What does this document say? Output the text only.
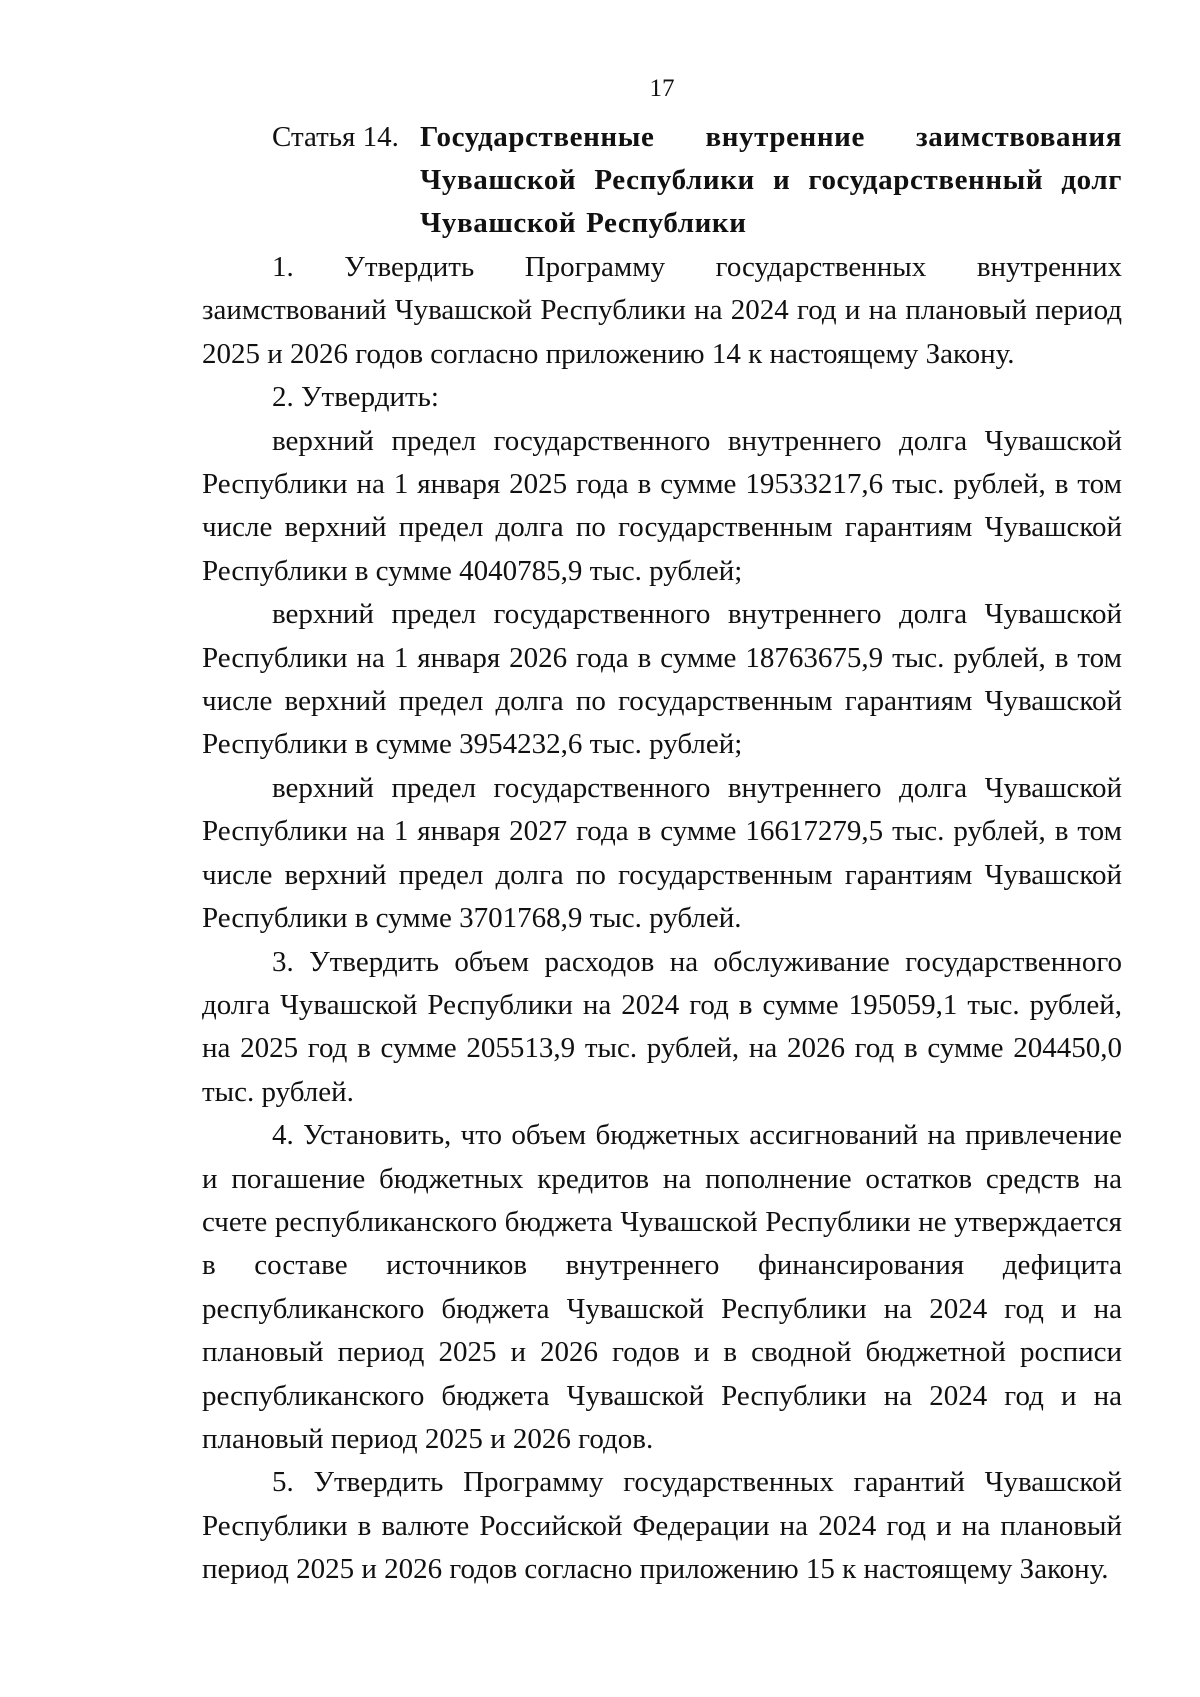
17
Статья 14. Государственные внутренние заимствования Чувашской Республики и государственный долг Чувашской Республики

1. Утвердить Программу государственных внутренних заимствований Чувашской Республики на 2024 год и на плановый период 2025 и 2026 годов согласно приложению 14 к настоящему Закону.

2. Утвердить:

верхний предел государственного внутреннего долга Чувашской Республики на 1 января 2025 года в сумме 19533217,6 тыс. рублей, в том числе верхний предел долга по государственным гарантиям Чувашской Республики в сумме 4040785,9 тыс. рублей;

верхний предел государственного внутреннего долга Чувашской Республики на 1 января 2026 года в сумме 18763675,9 тыс. рублей, в том числе верхний предел долга по государственным гарантиям Чувашской Республики в сумме 3954232,6 тыс. рублей;

верхний предел государственного внутреннего долга Чувашской Республики на 1 января 2027 года в сумме 16617279,5 тыс. рублей, в том числе верхний предел долга по государственным гарантиям Чувашской Республики в сумме 3701768,9 тыс. рублей.

3. Утвердить объем расходов на обслуживание государственного долга Чувашской Республики на 2024 год в сумме 195059,1 тыс. рублей, на 2025 год в сумме 205513,9 тыс. рублей, на 2026 год в сумме 204450,0 тыс. рублей.

4. Установить, что объем бюджетных ассигнований на привлечение и погашение бюджетных кредитов на пополнение остатков средств на счете республиканского бюджета Чувашской Республики не утверждается в составе источников внутреннего финансирования дефицита республиканского бюджета Чувашской Республики на 2024 год и на плановый период 2025 и 2026 годов и в сводной бюджетной росписи республиканского бюджета Чувашской Республики на 2024 год и на плановый период 2025 и 2026 годов.

5. Утвердить Программу государственных гарантий Чувашской Республики в валюте Российской Федерации на 2024 год и на плановый период 2025 и 2026 годов согласно приложению 15 к настоящему Закону.
